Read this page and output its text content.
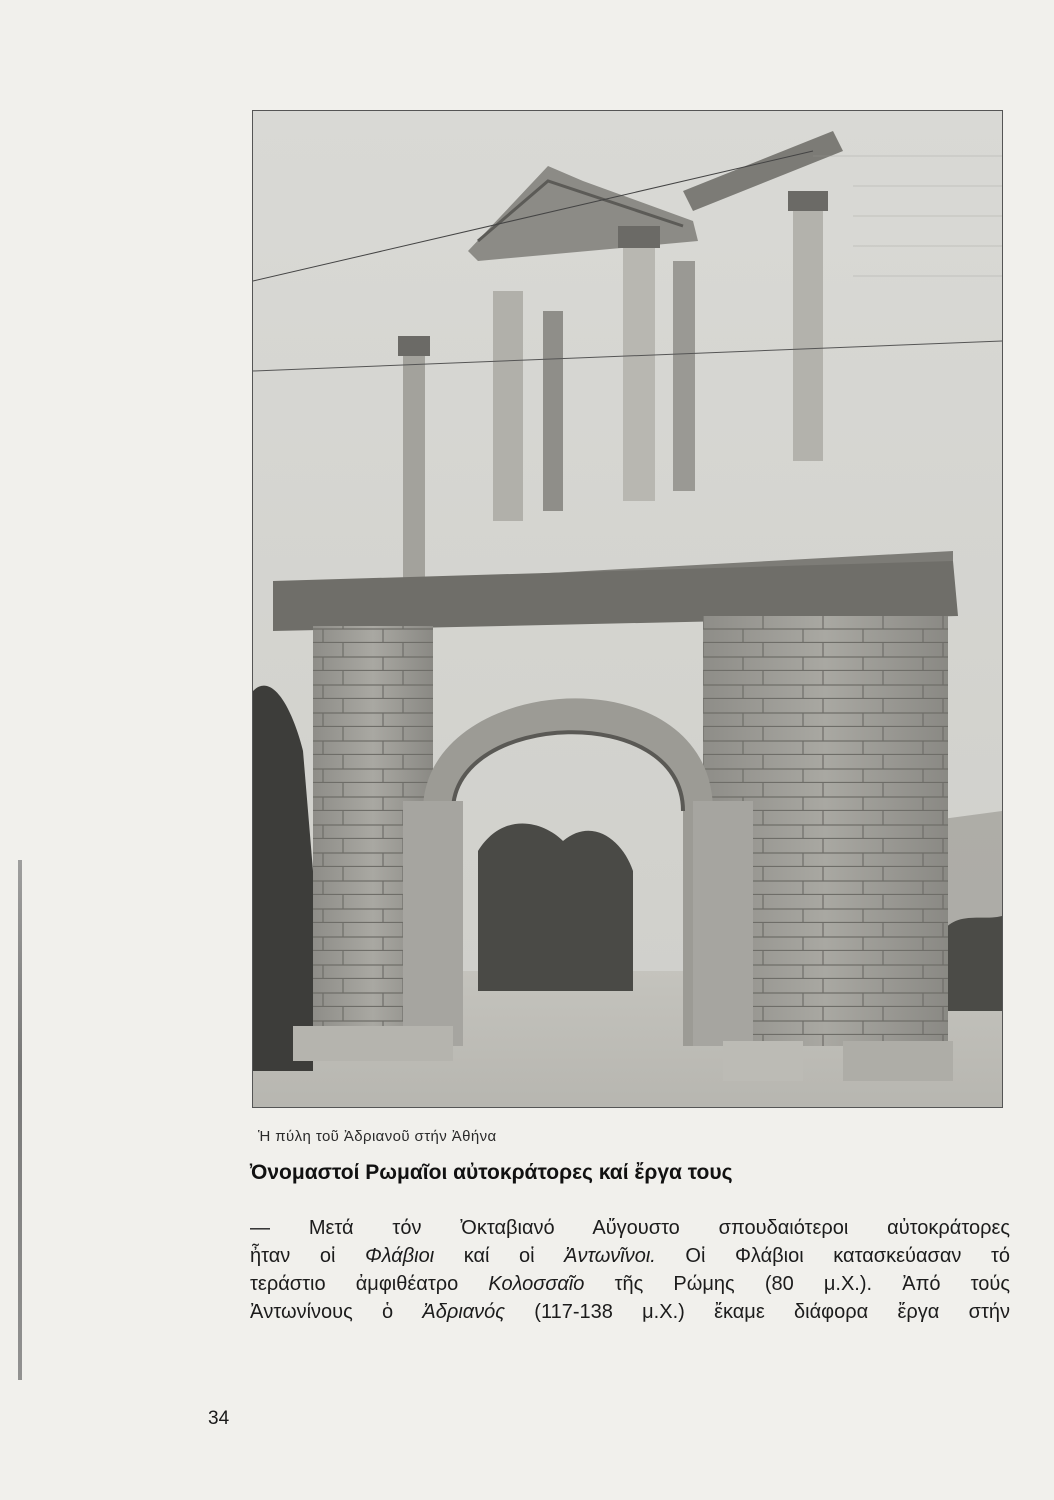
Ἡ πύλη τοῦ Ἀδριανοῦ στήν Ἀθήνα
Ὀνομαστοί Ρωμαῖοι αὐτοκράτορες καί ἔργα τους
— Μετά τόν Ὀκταβιανό Αὔγουστο σπουδαιότεροι αὐτοκράτορες
ἦταν οἱ Φλάβιοι καί οἱ Ἀντωνῖνοι. Οἱ Φλάβιοι κατασκεύασαν τό
τεράστιο ἀμφιθέατρο Κολοσσαῖο τῆς Ρώμης (80 μ.Χ.). Ἀπό τούς
Ἀντωνίνους ὁ Ἀδριανός (117-138 μ.Χ.) ἔκαμε διάφορα ἔργα στήν
34
